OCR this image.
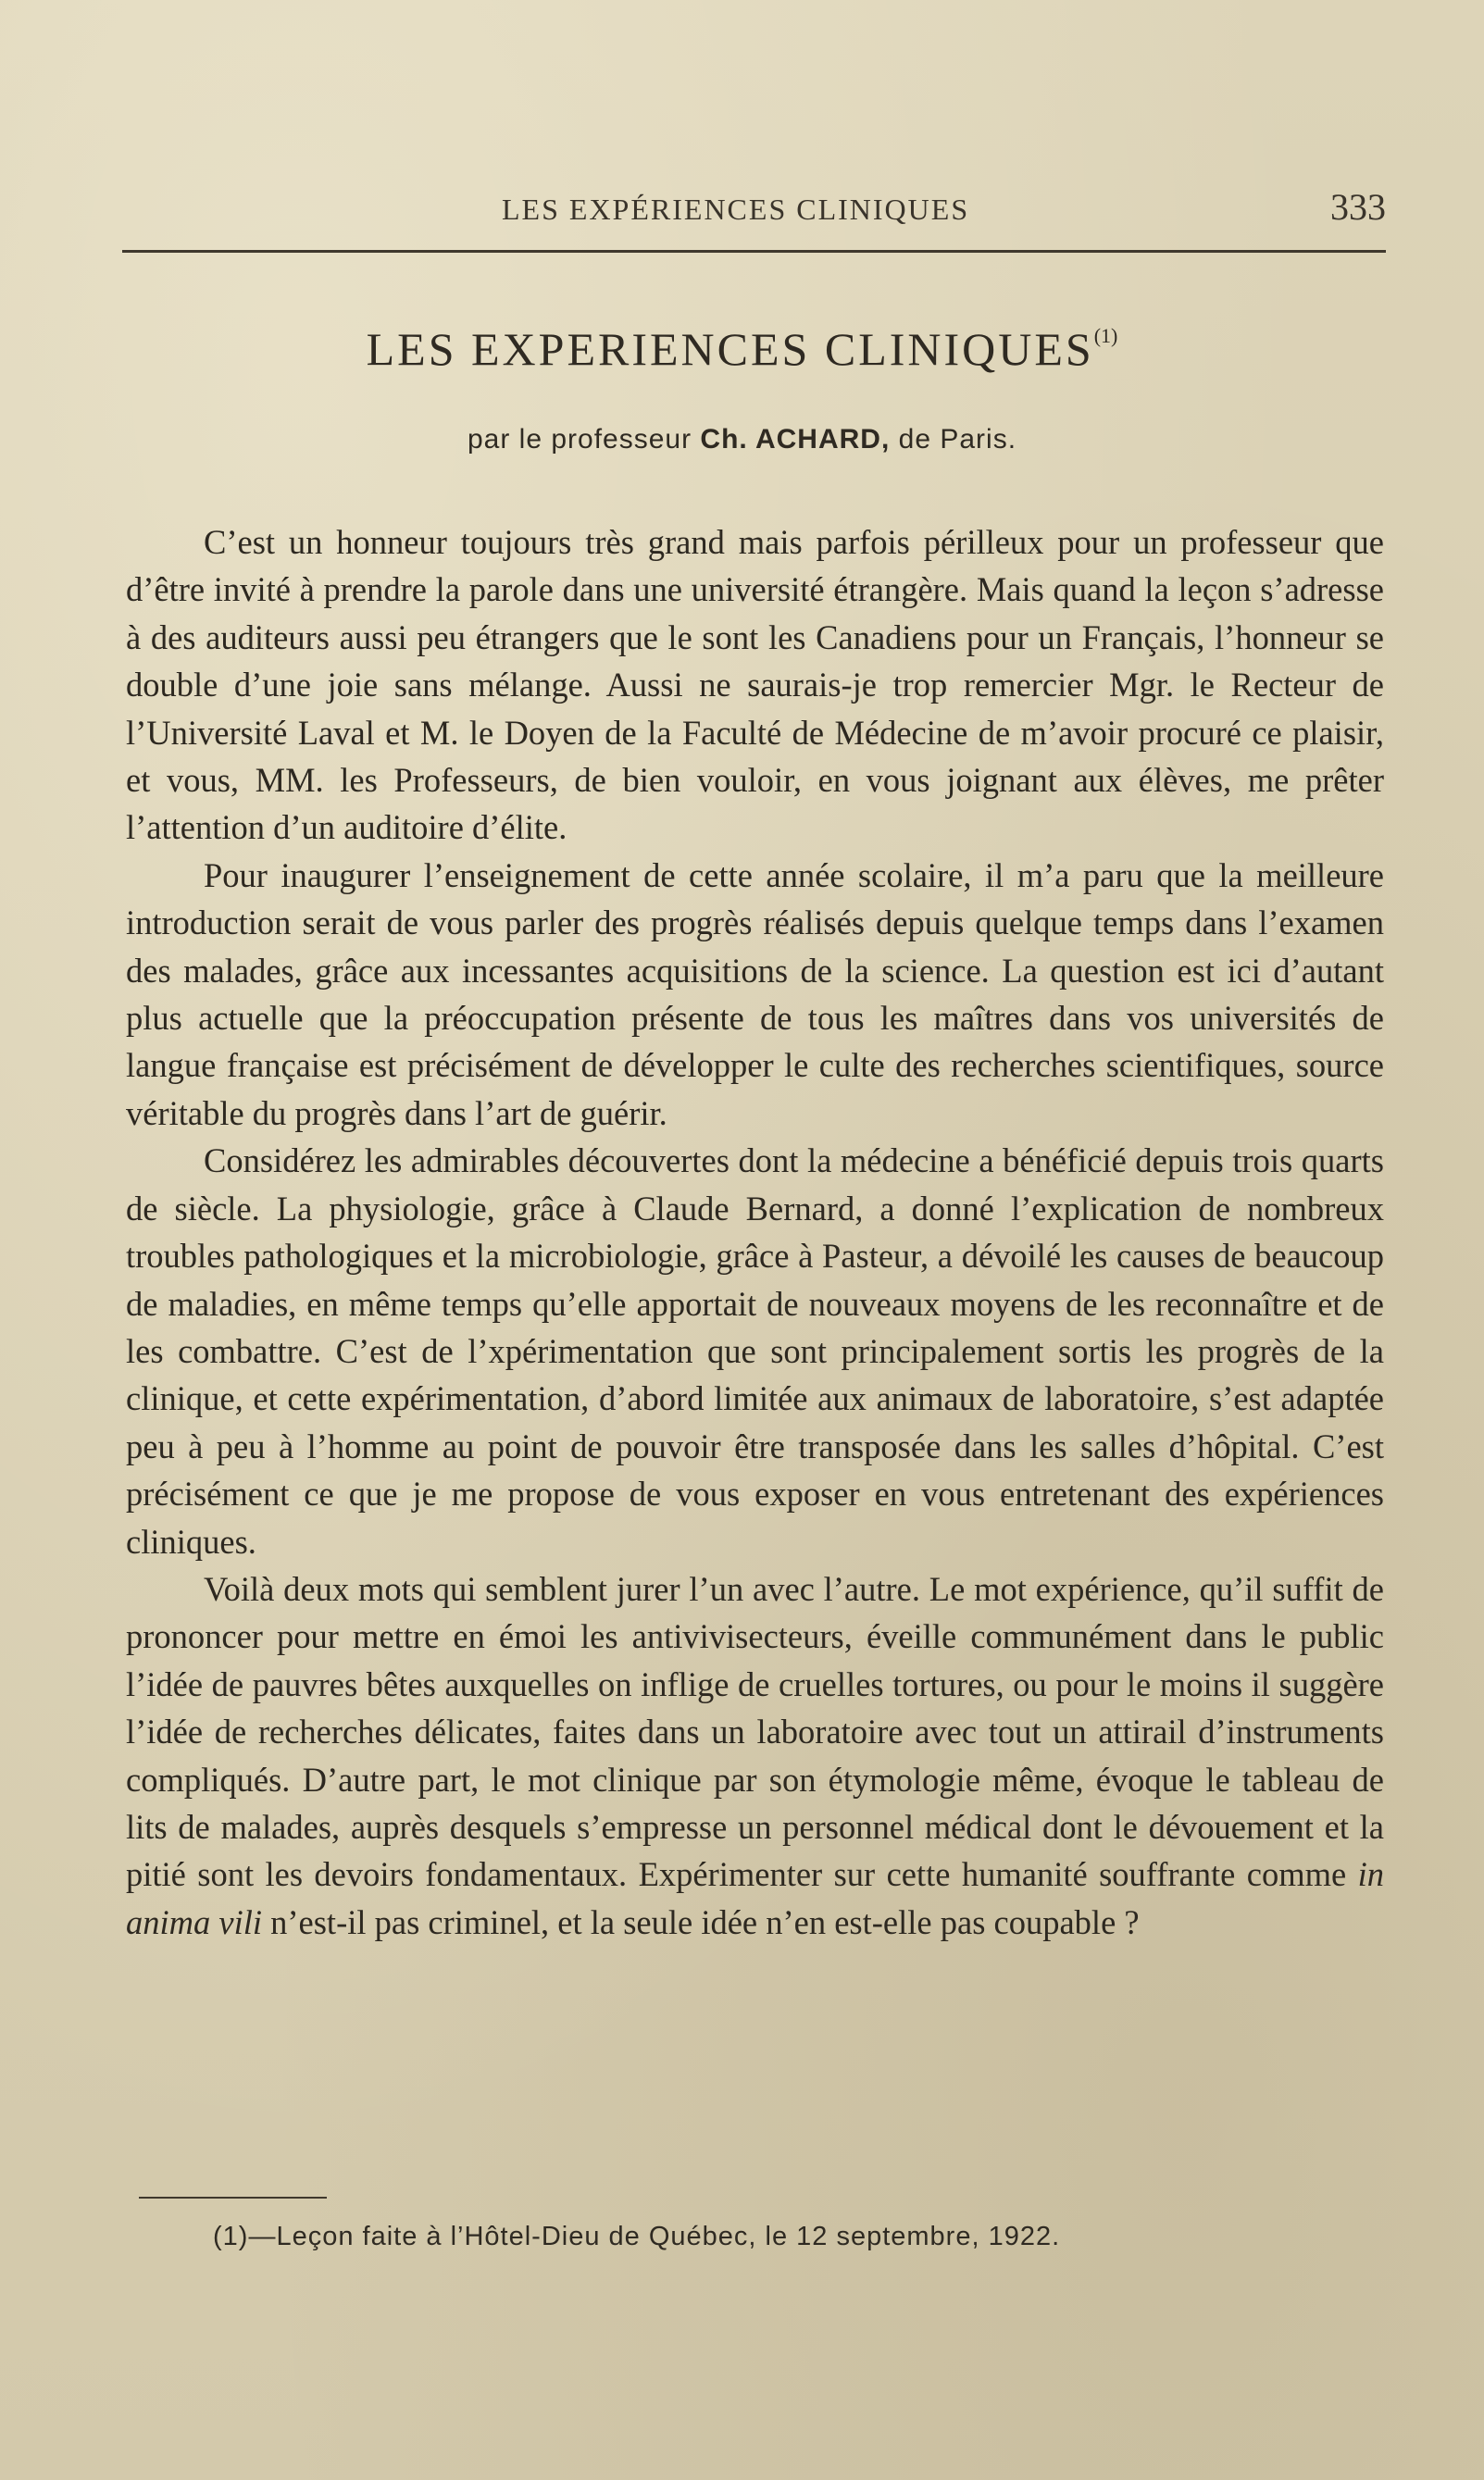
LES EXPÉRIENCES CLINIQUES	333
LES EXPERIENCES CLINIQUES$^{(1)}$
par le professeur Ch. ACHARD, de Paris.

C’est un honneur toujours très grand mais parfois périlleux pour un professeur que d’être invité à prendre la parole dans une université étrangère. Mais quand la leçon s’adresse à des auditeurs aussi peu étrangers que le sont les Canadiens pour un Français, l’honneur se double d’une joie sans mélange. Aussi ne saurais-je trop remercier Mgr. le Recteur de l’Université Laval et M. le Doyen de la Faculté de Médecine de m’avoir procuré ce plaisir, et vous, MM. les Professeurs, de bien vouloir, en vous joignant aux élèves, me prêter l’attention d’un auditoire d’élite.

Pour inaugurer l’enseignement de cette année scolaire, il m’a paru que la meilleure introduction serait de vous parler des progrès réalisés depuis quelque temps dans l’examen des malades, grâce aux incessantes acquisitions de la science. La question est ici d’autant plus actuelle que la préoccupation présente de tous les maîtres dans vos universités de langue française est précisément de développer le culte des recherches scientifiques, source véritable du progrès dans l’art de guérir.

Considérez les admirables découvertes dont la médecine a bénéficié depuis trois quarts de siècle. La physiologie, grâce à Claude Bernard, a donné l’explication de nombreux troubles pathologiques et la microbiologie, grâce à Pasteur, a dévoilé les causes de beaucoup de maladies, en même temps qu’elle apportait de nouveaux moyens de les reconnaître et de les combattre. C’est de l’xpérimentation que sont principalement sortis les progrès de la clinique, et cette expérimentation, d’abord limitée aux animaux de laboratoire, s’est adaptée peu à peu à l’homme au point de pouvoir être transposée dans les salles d’hôpital. C’est précisément ce que je me propose de vous exposer en vous entretenant des expériences cliniques.

Voilà deux mots qui semblent jurer l’un avec l’autre. Le mot expérience, qu’il suffit de prononcer pour mettre en émoi les antivivisecteurs, éveille communément dans le public l’idée de pauvres bêtes auxquelles on inflige de cruelles tortures, ou pour le moins il suggère l’idée de recherches délicates, faites dans un laboratoire avec tout un attirail d’instruments compliqués. D’autre part, le mot clinique par son étymologie même, évoque le tableau de lits de malades, auprès desquels s’empresse un personnel médical dont le dévouement et la pitié sont les devoirs fondamentaux. Expérimenter sur cette humanité souffrante comme in anima vili n’est-il pas criminel, et la seule idée n’en est-elle pas coupable ?

(1)—Leçon faite à l’Hôtel-Dieu de Québec, le 12 septembre, 1922.
